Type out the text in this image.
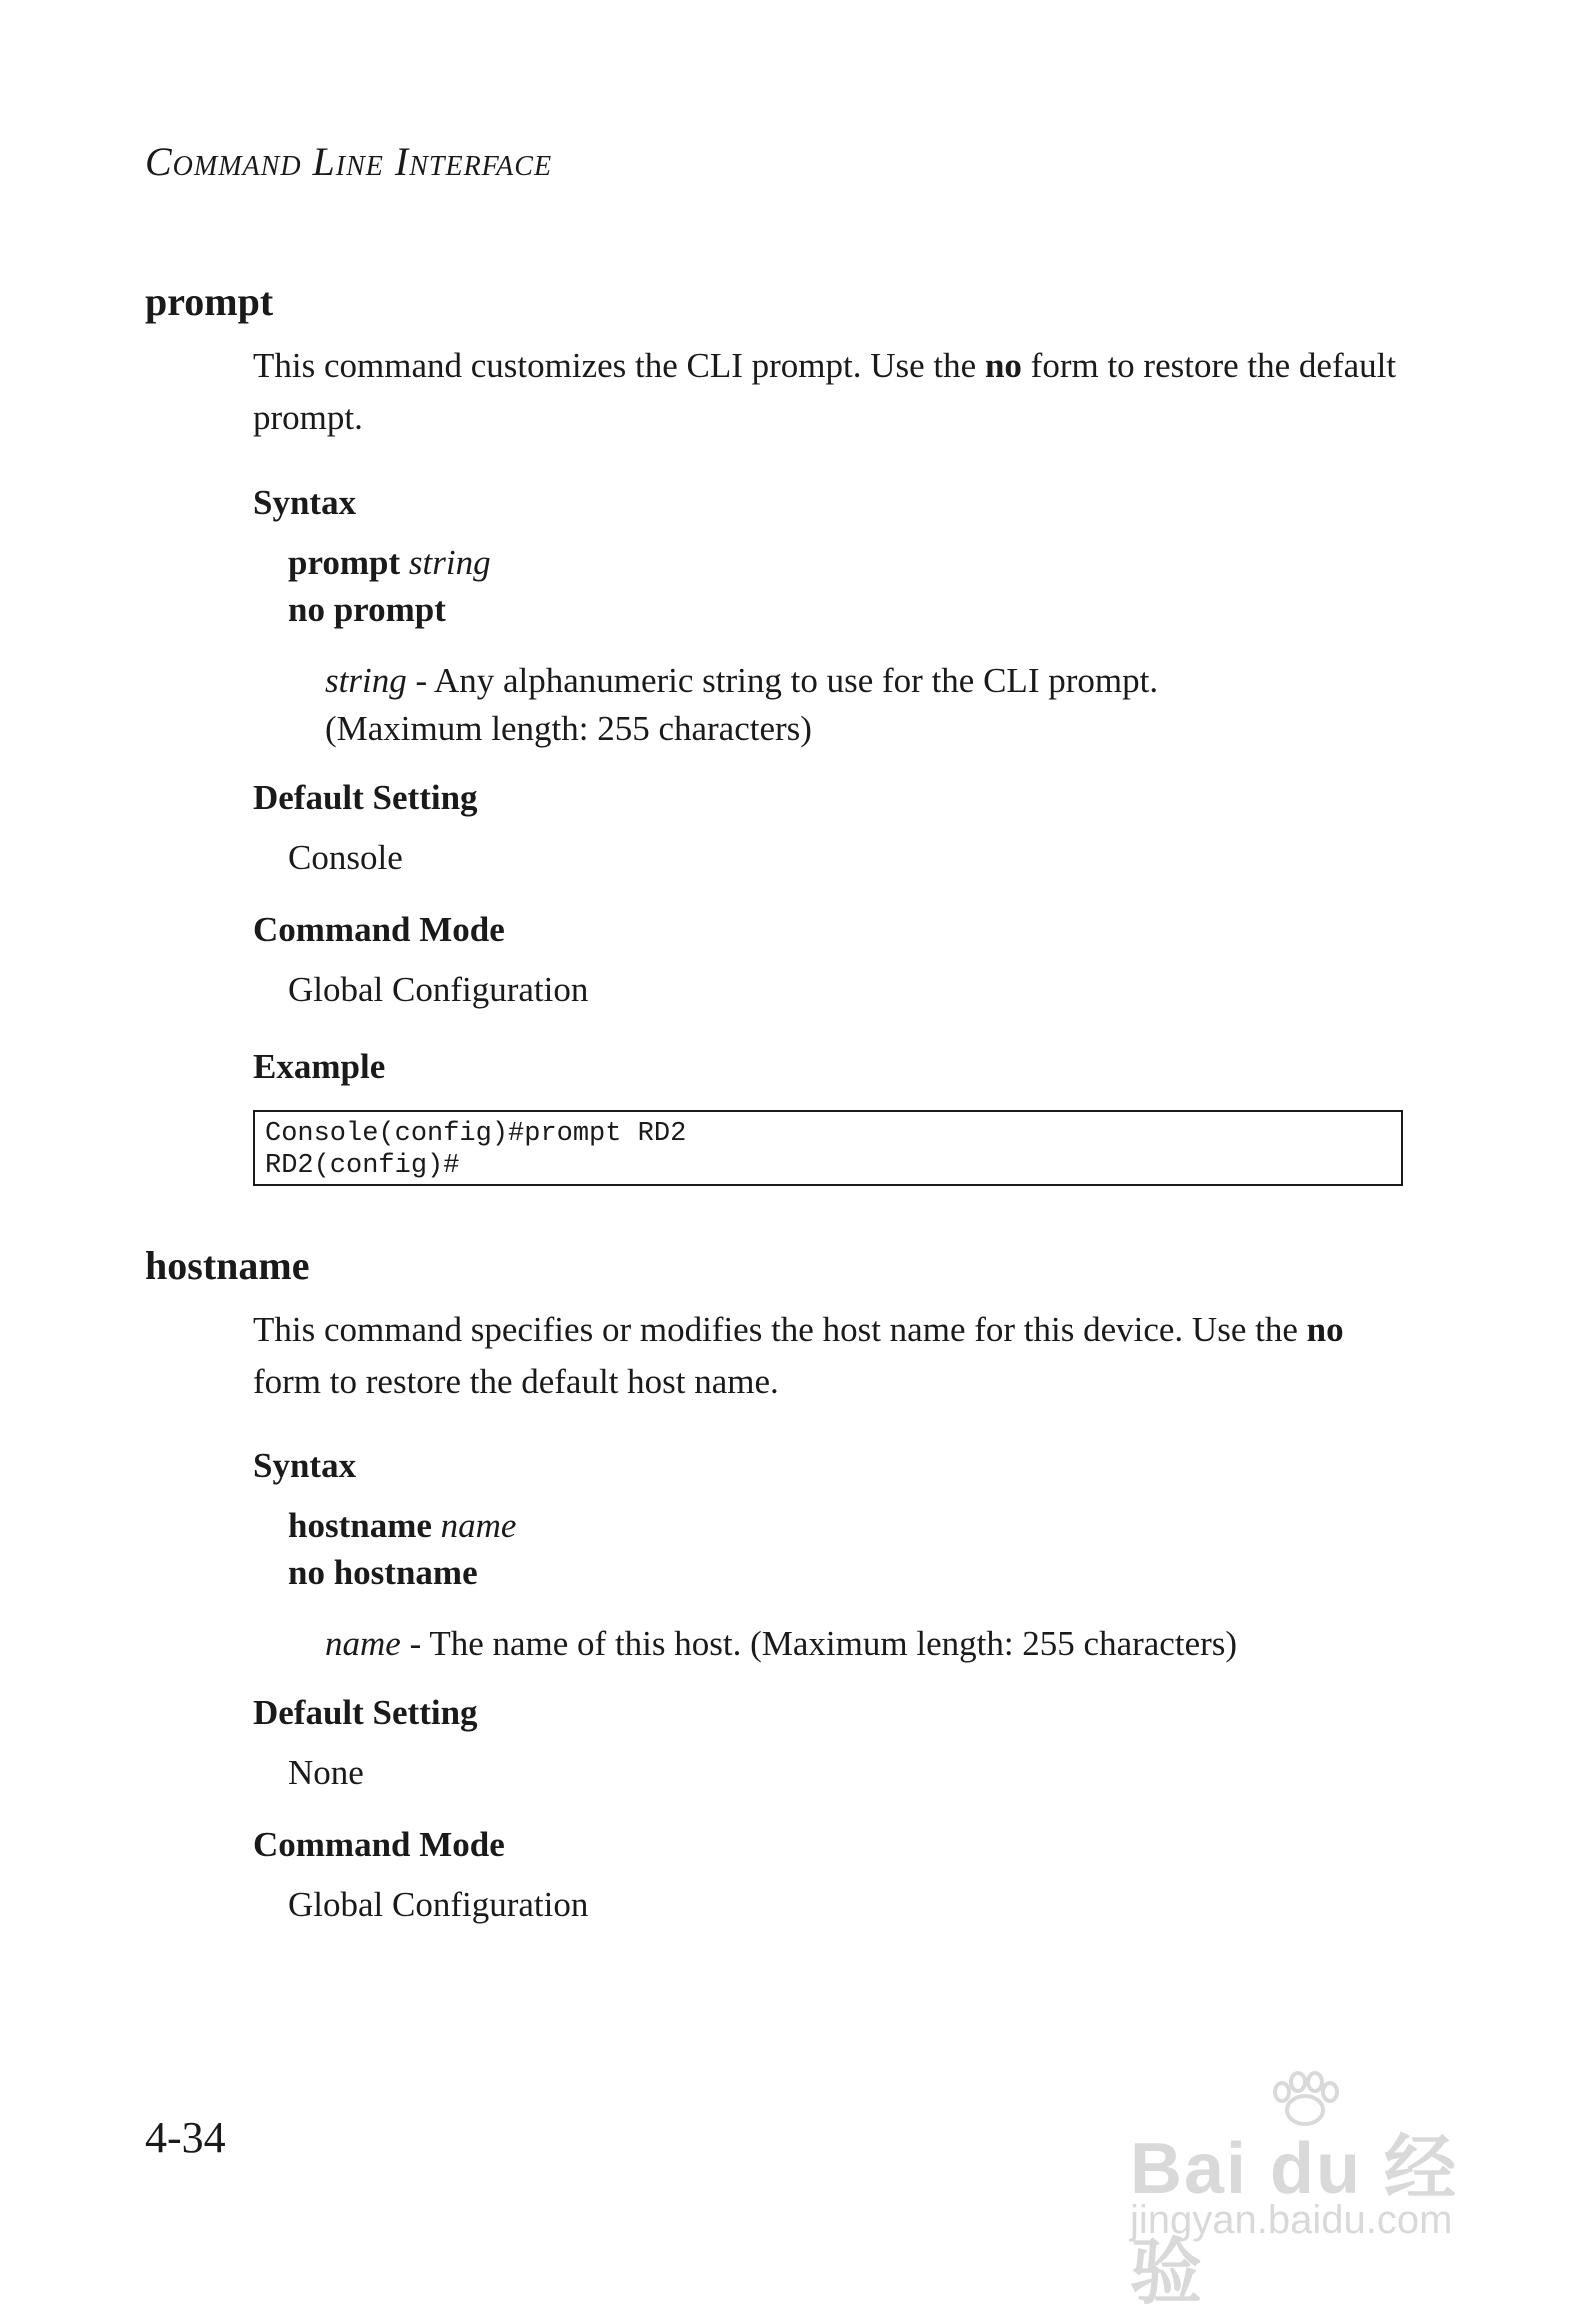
Command Line Interface
prompt
This command customizes the CLI prompt. Use the no form to restore the default prompt.
Syntax
prompt string
no prompt
string - Any alphanumeric string to use for the CLI prompt.
(Maximum length: 255 characters)
Default Setting
Console
Command Mode
Global Configuration
Example
Console(config)#prompt RD2
RD2(config)#
hostname
This command specifies or modifies the host name for this device. Use the no form to restore the default host name.
Syntax
hostname name
no hostname
name - The name of this host. (Maximum length: 255 characters)
Default Setting
None
Command Mode
Global Configuration
4-34	Bai du 经验
jingyan.baidu.com
